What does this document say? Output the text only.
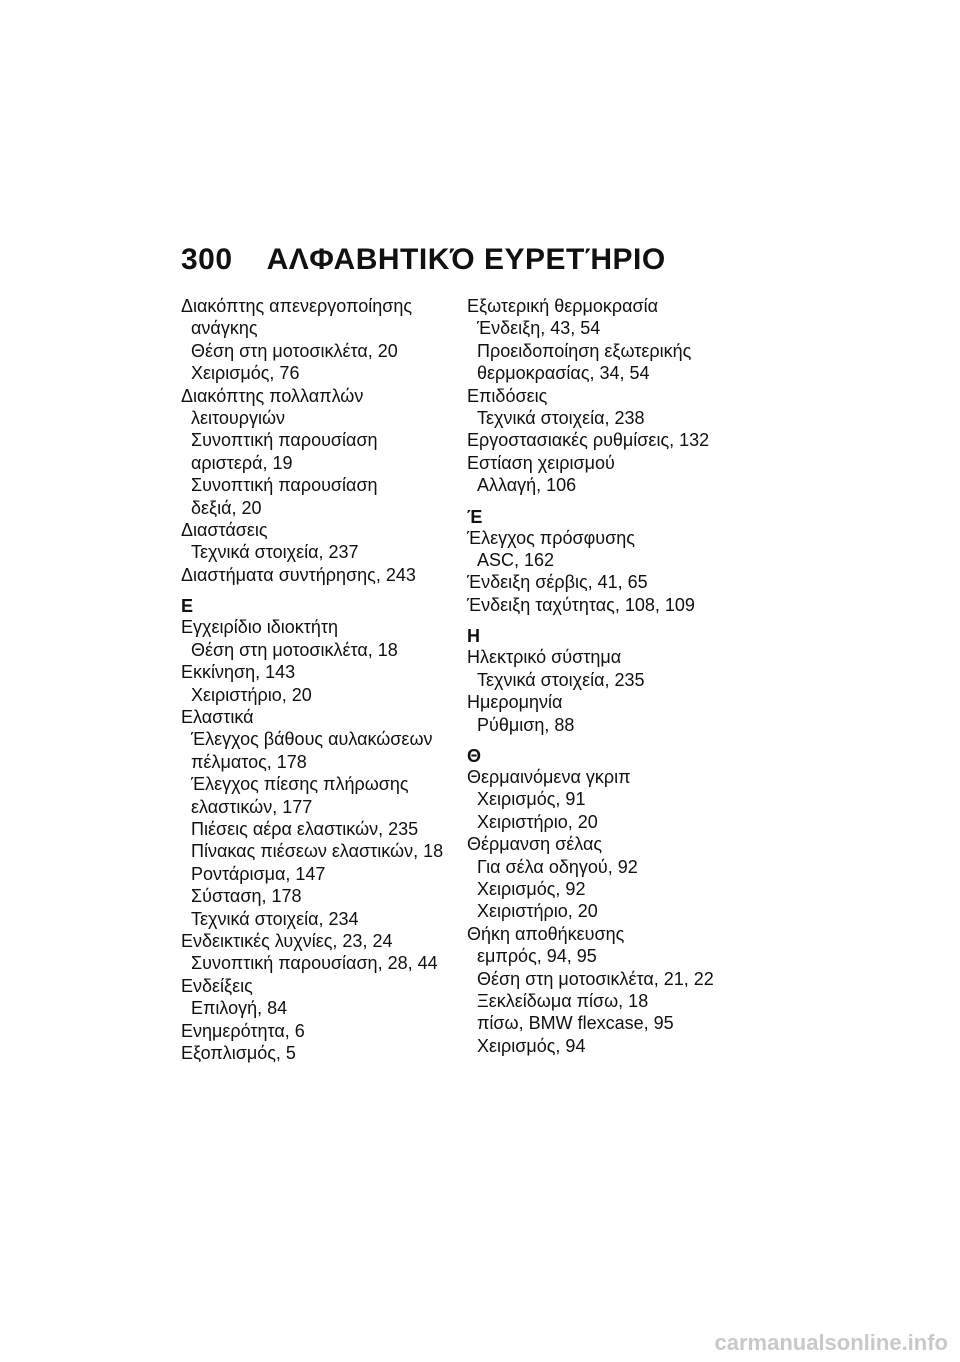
300 ΑΛΦΑΒΗΤΙΚΌ ΕΥΡΕΤΉΡΙΟ
Διακόπτης απενεργοποίησης
ανάγκης
Θέση στη μοτοσικλέτα, 20
Χειρισμός, 76
Διακόπτης πολλαπλών
λειτουργιών
Συνοπτική παρουσίαση
αριστερά, 19
Συνοπτική παρουσίαση
δεξιά, 20
Διαστάσεις
Τεχνικά στοιχεία, 237
Διαστήματα συντήρησης, 243
Ε
Εγχειρίδιο ιδιοκτήτη
Θέση στη μοτοσικλέτα, 18
Εκκίνηση, 143
Χειριστήριο, 20
Ελαστικά
Έλεγχος βάθους αυλακώσεων
πέλματος, 178
Έλεγχος πίεσης πλήρωσης
ελαστικών, 177
Πιέσεις αέρα ελαστικών, 235
Πίνακας πιέσεων ελαστικών, 18
Ροντάρισμα, 147
Σύσταση, 178
Τεχνικά στοιχεία, 234
Ενδεικτικές λυχνίες, 23, 24
Συνοπτική παρουσίαση, 28, 44
Ενδείξεις
Επιλογή, 84
Ενημερότητα, 6
Εξοπλισμός, 5
Εξωτερική θερμοκρασία
Ένδειξη, 43, 54
Προειδοποίηση εξωτερικής
θερμοκρασίας, 34, 54
Επιδόσεις
Τεχνικά στοιχεία, 238
Εργοστασιακές ρυθμίσεις, 132
Εστίαση χειρισμού
Αλλαγή, 106
Έ
Έλεγχος πρόσφυσης
ASC, 162
Ένδειξη σέρβις, 41, 65
Ένδειξη ταχύτητας, 108, 109
Η
Ηλεκτρικό σύστημα
Τεχνικά στοιχεία, 235
Ημερομηνία
Ρύθμιση, 88
Θ
Θερμαινόμενα γκριπ
Χειρισμός, 91
Χειριστήριο, 20
Θέρμανση σέλας
Για σέλα οδηγού, 92
Χειρισμός, 92
Χειριστήριο, 20
Θήκη αποθήκευσης
εμπρός, 94, 95
Θέση στη μοτοσικλέτα, 21, 22
Ξεκλείδωμα πίσω, 18
πίσω, BMW flexcase, 95
Χειρισμός, 94
carmanualsonline.info
